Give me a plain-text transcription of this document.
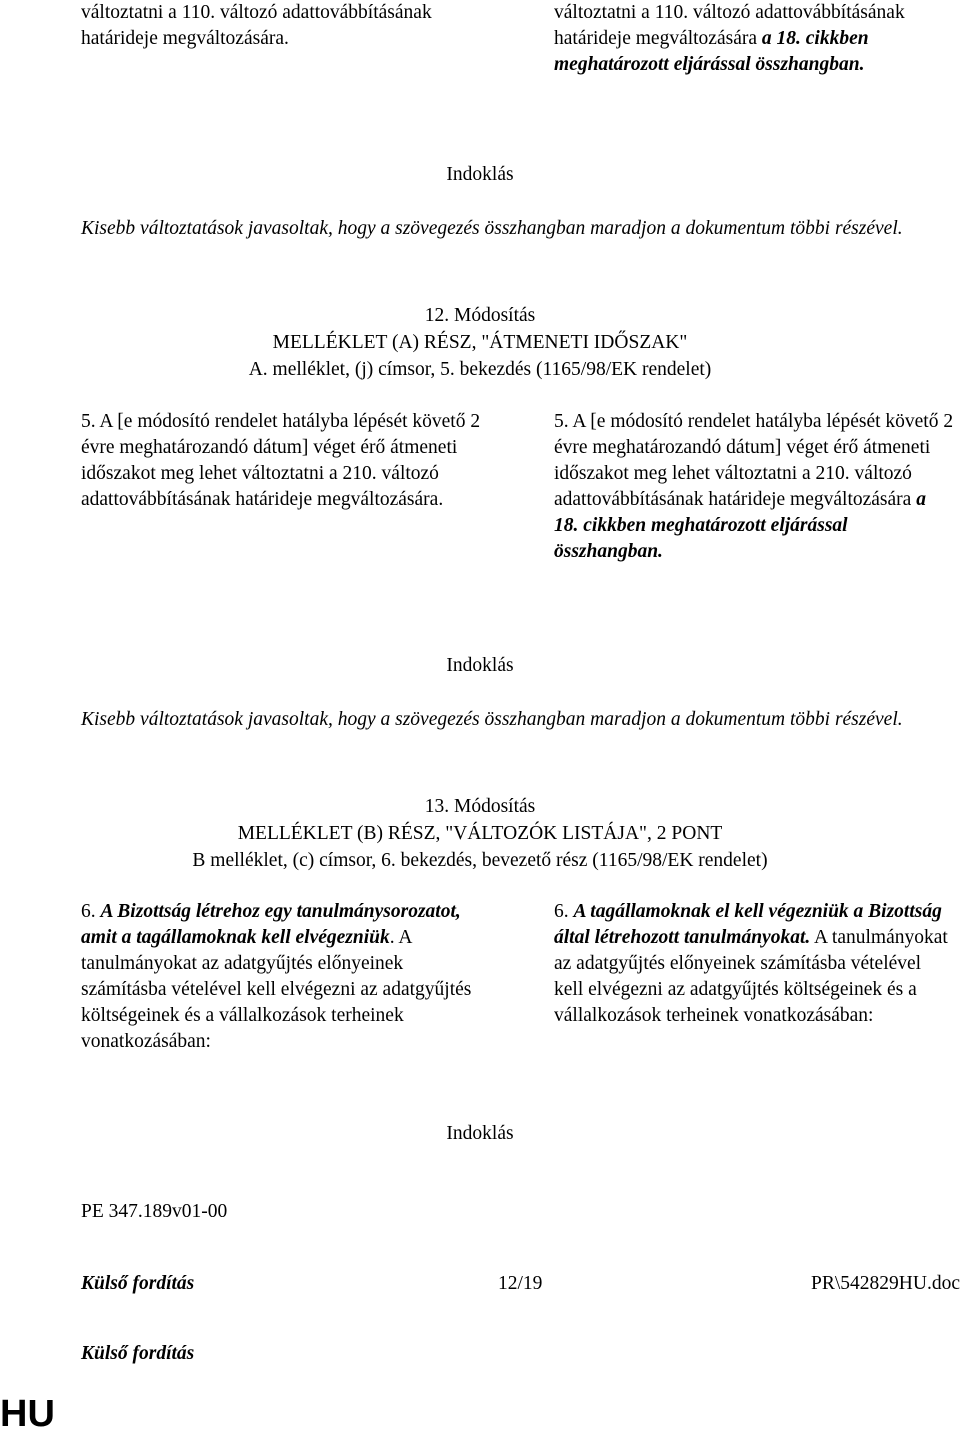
változtatni a 110. változó adattovábbításának határideje megváltozására.
változtatni a 110. változó adattovábbításának határideje megváltozására a 18. cikkben meghatározott eljárással összhangban.
Indoklás
Kisebb változtatások javasoltak, hogy a szövegezés összhangban maradjon a dokumentum többi részével.
12. Módosítás
MELLÉKLET (A) RÉSZ, "ÁTMENETI IDŐSZAK"
A. melléklet, (j) címsor, 5. bekezdés (1165/98/EK rendelet)
5. A [e módosító rendelet hatályba lépését követő 2 évre meghatározandó dátum] véget érő átmeneti időszakot meg lehet változtatni a 210. változó adattovábbításának határideje megváltozására.
5. A [e módosító rendelet hatályba lépését követő 2 évre meghatározandó dátum] véget érő átmeneti időszakot meg lehet változtatni a 210. változó adattovábbításának határideje megváltozására a 18. cikkben meghatározott eljárással összhangban.
Indoklás
Kisebb változtatások javasoltak, hogy a szövegezés összhangban maradjon a dokumentum többi részével.
13. Módosítás
MELLÉKLET (B) RÉSZ, "VÁLTOZÓK LISTÁJA", 2 PONT
B melléklet, (c) címsor, 6. bekezdés, bevezető rész (1165/98/EK rendelet)
6. A Bizottság létrehoz egy tanulmánysorozatot, amit a tagállamoknak kell elvégezniük. A tanulmányokat az adatgyűjtés előnyeinek számításba vételével kell elvégezni az adatgyűjtés költségeinek és a vállalkozások terheinek vonatkozásában:
6. A tagállamoknak el kell végezniük a Bizottság által létrehozott tanulmányokat. A tanulmányokat az adatgyűjtés előnyeinek számításba vételével kell elvégezni az adatgyűjtés költségeinek és a vállalkozások terheinek vonatkozásában:
Indoklás
PE 347.189v01-00
Külső fordítás	12/19	PR\542829HU.doc
Külső fordítás
HU
